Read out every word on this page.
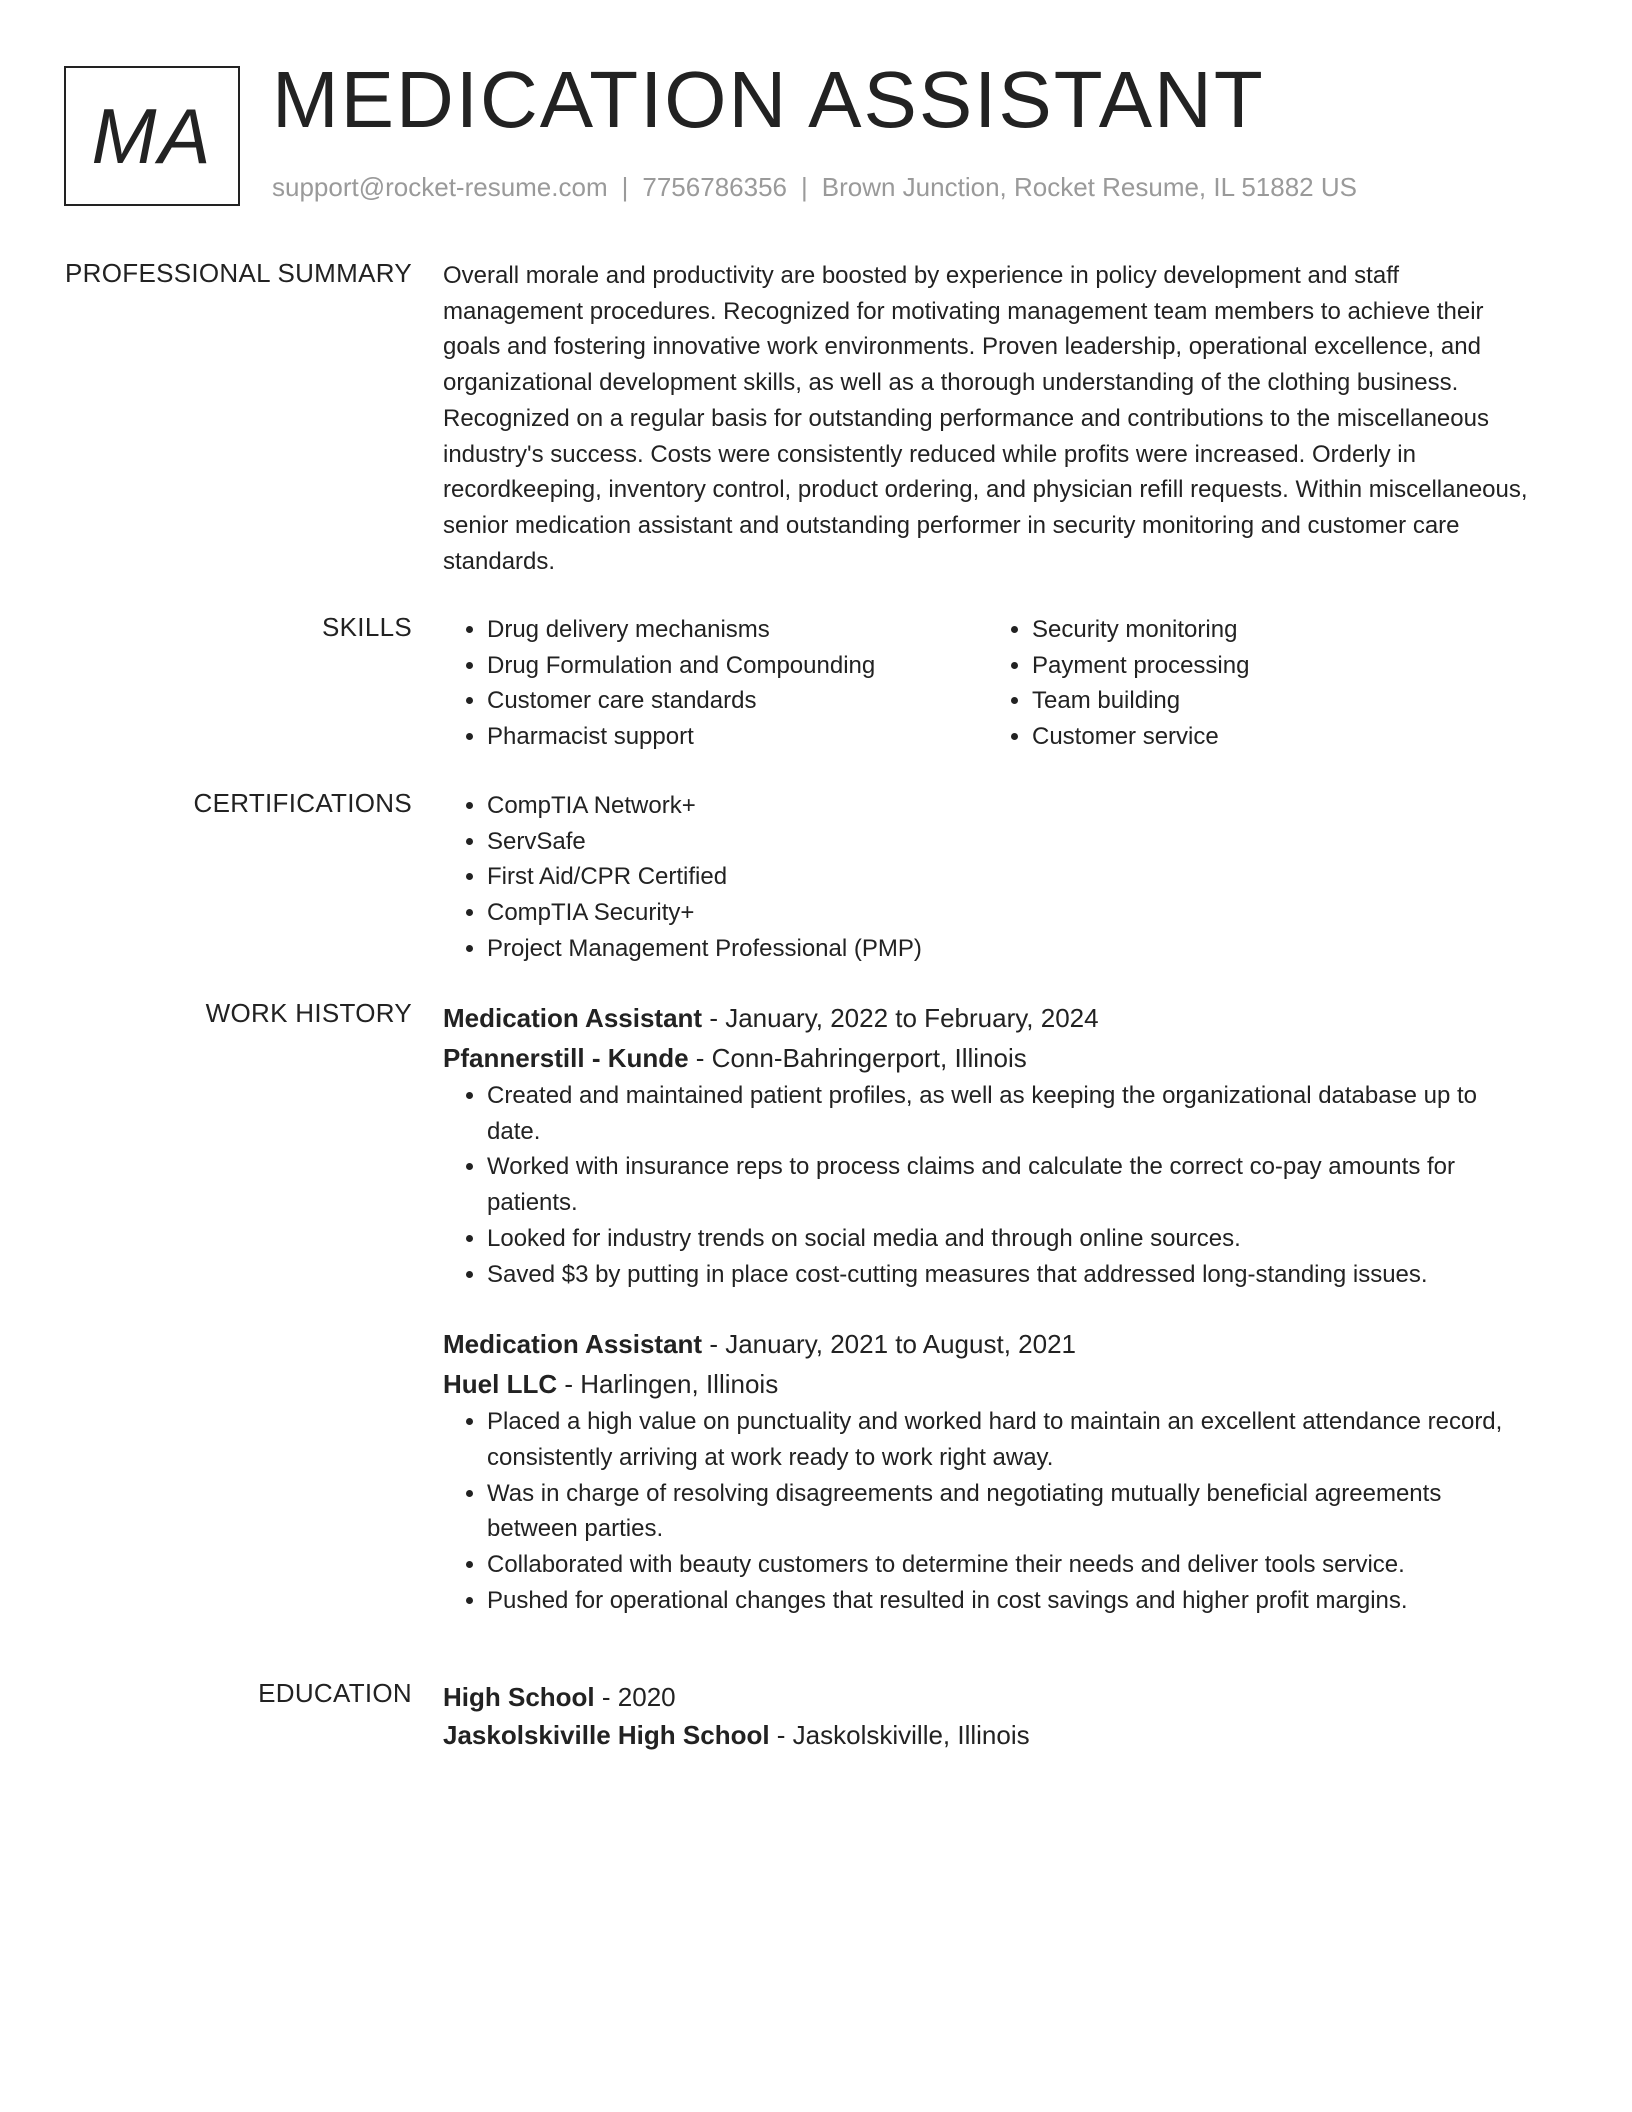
MA MEDICATION ASSISTANT
support@rocket-resume.com | 7756786356 | Brown Junction, Rocket Resume, IL 51882 US
PROFESSIONAL SUMMARY Overall morale and productivity are boosted by experience in policy development and staff management procedures. Recognized for motivating management team members to achieve their goals and fostering innovative work environments. Proven leadership, operational excellence, and organizational development skills, as well as a thorough understanding of the clothing business. Recognized on a regular basis for outstanding performance and contributions to the miscellaneous industry's success. Costs were consistently reduced while profits were increased. Orderly in recordkeeping, inventory control, product ordering, and physician refill requests. Within miscellaneous, senior medication assistant and outstanding performer in security monitoring and customer care standards.

SKILLS	• Drug delivery mechanisms
• Drug Formulation and Compounding
• Customer care standards
• Pharmacist support
• Security monitoring
• Payment processing
• Team building
• Customer service
CERTIFICATIONS	• CompTIA Network+
• ServSafe
• First Aid/CPR Certified
• CompTIA Security+
• Project Management Professional (PMP)
WORK HISTORY Medication Assistant - January, 2022 to February, 2024
Pfannerstill - Kunde - Conn-Bahringerport, Illinois
• Created and maintained patient profiles, as well as keeping the organizational database up to date.
• Worked with insurance reps to process claims and calculate the correct co-pay amounts for patients.
• Looked for industry trends on social media and through online sources.
• Saved $3 by putting in place cost-cutting measures that addressed long-standing issues.
Medication Assistant - January, 2021 to August, 2021
Huel LLC - Harlingen, Illinois
• Placed a high value on punctuality and worked hard to maintain an excellent attendance record, consistently arriving at work ready to work right away.
• Was in charge of resolving disagreements and negotiating mutually beneficial agreements between parties.
• Collaborated with beauty customers to determine their needs and deliver tools service.
• Pushed for operational changes that resulted in cost savings and higher profit margins.
EDUCATION High School - 2020
Jaskolskiville High School - Jaskolskiville, Illinois
